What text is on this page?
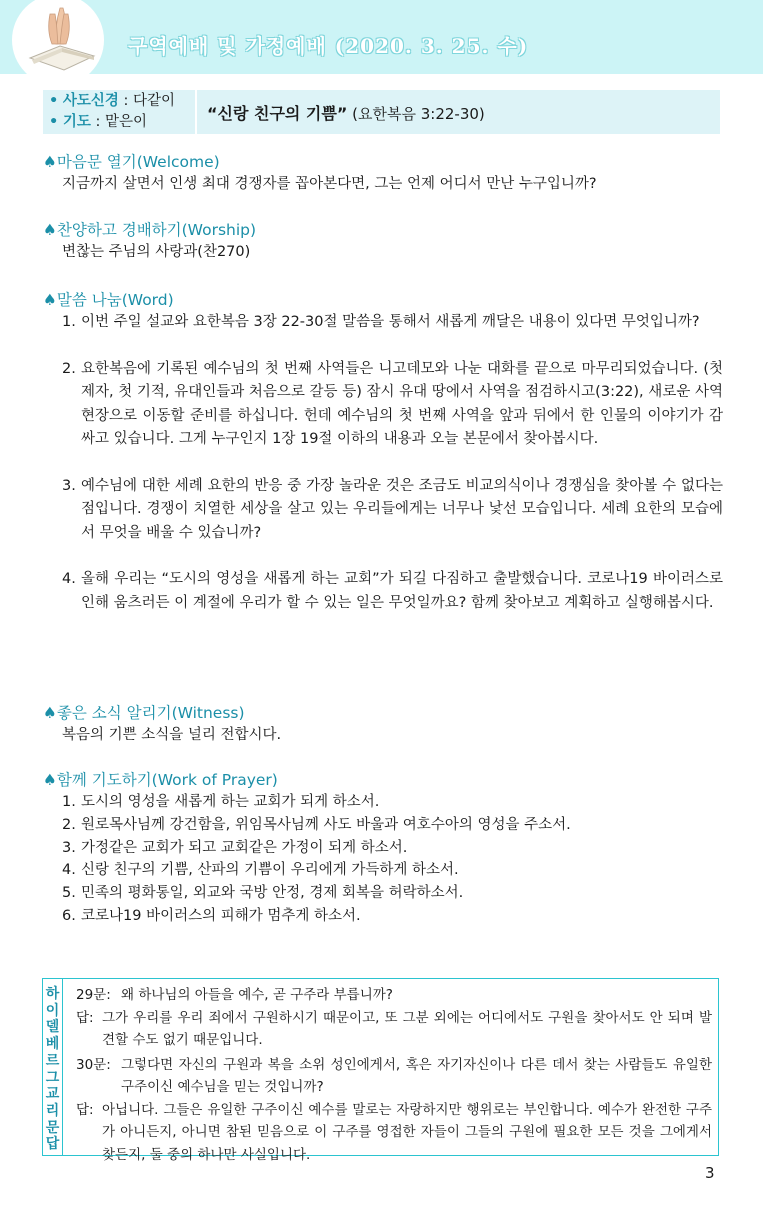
구역예배 및 가정예배 (2020. 3. 25. 수)
• 사도신경 : 다같이
• 기도 : 맡은이	“신랑 친구의 기쁨” (요한복음 3:22-30)
♠마음문 열기(Welcome)
지금까지 살면서 인생 최대 경쟁자를 꼽아본다면, 그는 언제 어디서 만난 누구입니까?
♠찬양하고 경배하기(Worship)
변찮는 주님의 사랑과(찬270)
♠말씀 나눔(Word)
1. 이번 주일 설교와 요한복음 3장 22-30절 말씀을 통해서 새롭게 깨달은 내용이 있다면 무엇입니까?
2. 요한복음에 기록된 예수님의 첫 번째 사역들은 니고데모와 나눈 대화를 끝으로 마무리되었습니다. (첫 제자, 첫 기적, 유대인들과 처음으로 갈등 등) 잠시 유대 땅에서 사역을 점검하시고(3:22), 새로운 사역 현장으로 이동할 준비를 하십니다. 헌데 예수님의 첫 번째 사역을 앞과 뒤에서 한 인물의 이야기가 감싸고 있습니다. 그게 누구인지 1장 19절 이하의 내용과 오늘 본문에서 찾아봅시다.
3. 예수님에 대한 세례 요한의 반응 중 가장 놀라운 것은 조금도 비교의식이나 경쟁심을 찾아볼 수 없다는 점입니다. 경쟁이 치열한 세상을 살고 있는 우리들에게는 너무나 낯선 모습입니다. 세례 요한의 모습에서 무엇을 배울 수 있습니까?
4. 올해 우리는 “도시의 영성을 새롭게 하는 교회”가 되길 다짐하고 출발했습니다. 코로나19 바이러스로 인해 움츠러든 이 계절에 우리가 할 수 있는 일은 무엇일까요? 함께 찾아보고 계획하고 실행해봅시다.
♠좋은 소식 알리기(Witness)
복음의 기쁜 소식을 널리 전합시다.
♠함께 기도하기(Work of Prayer)
1. 도시의 영성을 새롭게 하는 교회가 되게 하소서.
2. 원로목사님께 강건함을, 위임목사님께 사도 바울과 여호수아의 영성을 주소서.
3. 가정같은 교회가 되고 교회같은 가정이 되게 하소서.
4. 신랑 친구의 기쁨, 산파의 기쁨이 우리에게 가득하게 하소서.
5. 민족의 평화통일, 외교와 국방 안정, 경제 회복을 허락하소서.
6. 코로나19 바이러스의 피해가 멈추게 하소서.
하
이
델
베
르
그
교
리
문
답
29문: 왜 하나님의 아들을 예수, 곧 구주라 부릅니까?
답: 그가 우리를 우리 죄에서 구원하시기 때문이고, 또 그분 외에는 어디에서도 구원을 찾아서도 안 되며 발견할 수도 없기 때문입니다.
30문: 그렇다면 자신의 구원과 복을 소위 성인에게서, 혹은 자기자신이나 다른 데서 찾는 사람들도 유일한 구주이신 예수님을 믿는 것입니까?
답: 아닙니다. 그들은 유일한 구주이신 예수를 말로는 자랑하지만 행위로는 부인합니다. 예수가 완전한 구주가 아니든지, 아니면 참된 믿음으로 이 구주를 영접한 자들이 그들의 구원에 필요한 모든 것을 그에게서 찾든지, 둘 중의 하나만 사실입니다.
3
